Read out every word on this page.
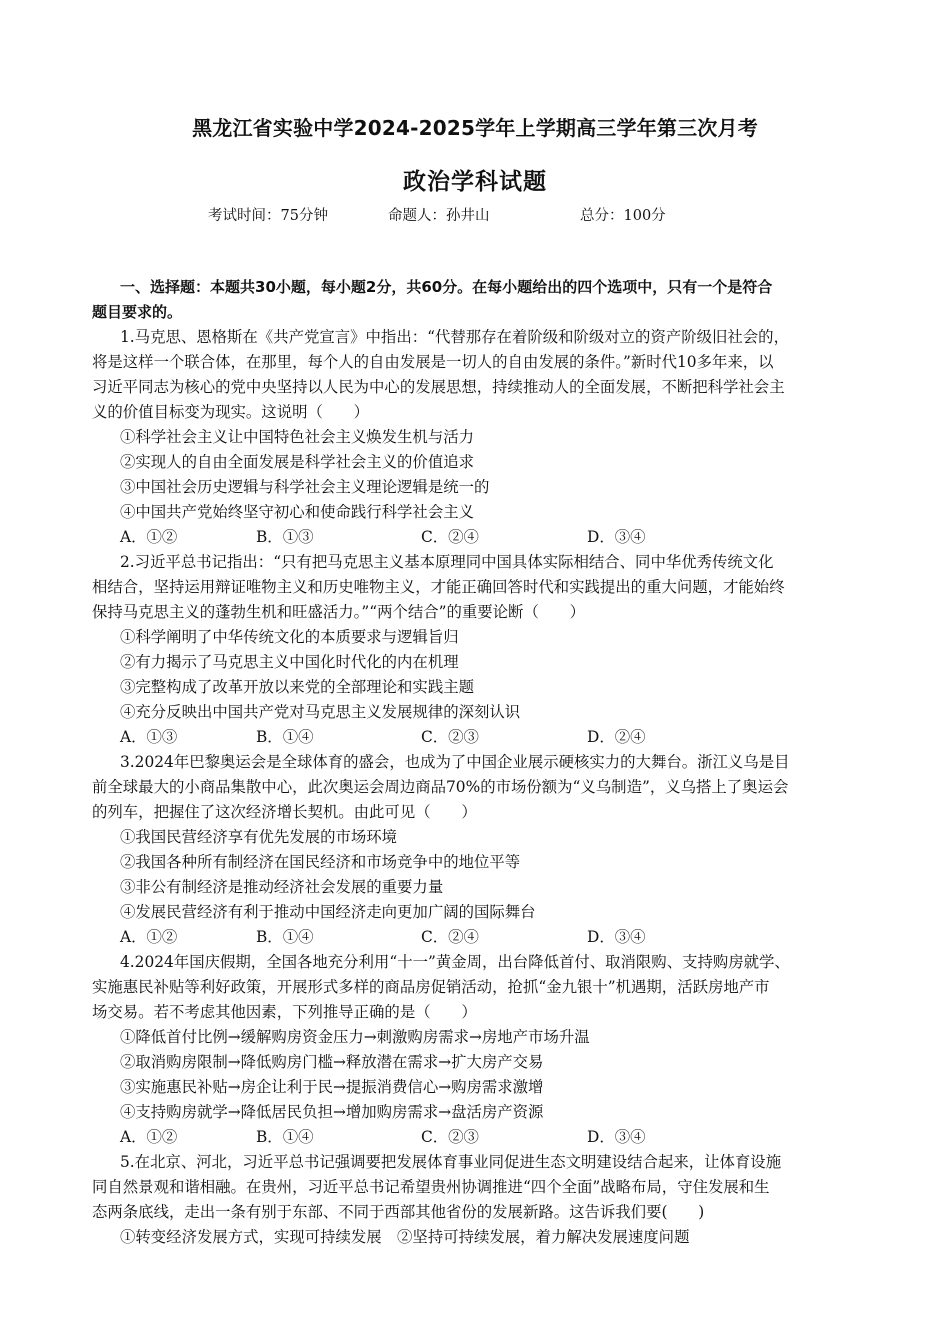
黑龙江省实验中学2024-2025学年上学期高三学年第三次月考
政治学科试题
考试时间：75分钟	命题人：孙井山	总分：100分
一、选择题：本题共30小题，每小题2分，共60分。在每小题给出的四个选项中，只有一个是符合
题目要求的。
1.马克思、恩格斯在《共产党宣言》中指出：“代替那存在着阶级和阶级对立的资产阶级旧社会的，
将是这样一个联合体，在那里，每个人的自由发展是一切人的自由发展的条件。”新时代10多年来，以
习近平同志为核心的党中央坚持以人民为中心的发展思想，持续推动人的全面发展，不断把科学社会主
义的价值目标变为现实。这说明（　　）
①科学社会主义让中国特色社会主义焕发生机与活力
②实现人的自由全面发展是科学社会主义的价值追求
③中国社会历史逻辑与科学社会主义理论逻辑是统一的
④中国共产党始终坚守初心和使命践行科学社会主义
A．①②	B．①③	C．②④	D．③④
2.习近平总书记指出：“只有把马克思主义基本原理同中国具体实际相结合、同中华优秀传统文化
相结合，坚持运用辩证唯物主义和历史唯物主义，才能正确回答时代和实践提出的重大问题，才能始终
保持马克思主义的蓬勃生机和旺盛活力。”“两个结合”的重要论断（　　）
①科学阐明了中华传统文化的本质要求与逻辑旨归
②有力揭示了马克思主义中国化时代化的内在机理
③完整构成了改革开放以来党的全部理论和实践主题
④充分反映出中国共产党对马克思主义发展规律的深刻认识
A．①③	B．①④	C．②③	D．②④
3.2024年巴黎奥运会是全球体育的盛会，也成为了中国企业展示硬核实力的大舞台。浙江义乌是目
前全球最大的小商品集散中心，此次奥运会周边商品70%的市场份额为“义乌制造”，义乌搭上了奥运会
的列车，把握住了这次经济增长契机。由此可见（　　）
①我国民营经济享有优先发展的市场环境
②我国各种所有制经济在国民经济和市场竞争中的地位平等
③非公有制经济是推动经济社会发展的重要力量
④发展民营经济有利于推动中国经济走向更加广阔的国际舞台
A．①②	B．①④	C．②④	D．③④
4.2024年国庆假期，全国各地充分利用“十一”黄金周，出台降低首付、取消限购、支持购房就学、
实施惠民补贴等利好政策，开展形式多样的商品房促销活动，抢抓“金九银十”机遇期，活跃房地产市
场交易。若不考虑其他因素，下列推导正确的是（　　）
①降低首付比例→缓解购房资金压力→刺激购房需求→房地产市场升温
②取消购房限制→降低购房门槛→释放潜在需求→扩大房产交易
③实施惠民补贴→房企让利于民→提振消费信心→购房需求激增
④支持购房就学→降低居民负担→增加购房需求→盘活房产资源
A．①②	B．①④	C．②③	D．③④
5.在北京、河北，习近平总书记强调要把发展体育事业同促进生态文明建设结合起来，让体育设施
同自然景观和谐相融。在贵州，习近平总书记希望贵州协调推进“四个全面”战略布局，守住发展和生
态两条底线，走出一条有别于东部、不同于西部其他省份的发展新路。这告诉我们要(　　)
①转变经济发展方式，实现可持续发展　②坚持可持续发展，着力解决发展速度问题
